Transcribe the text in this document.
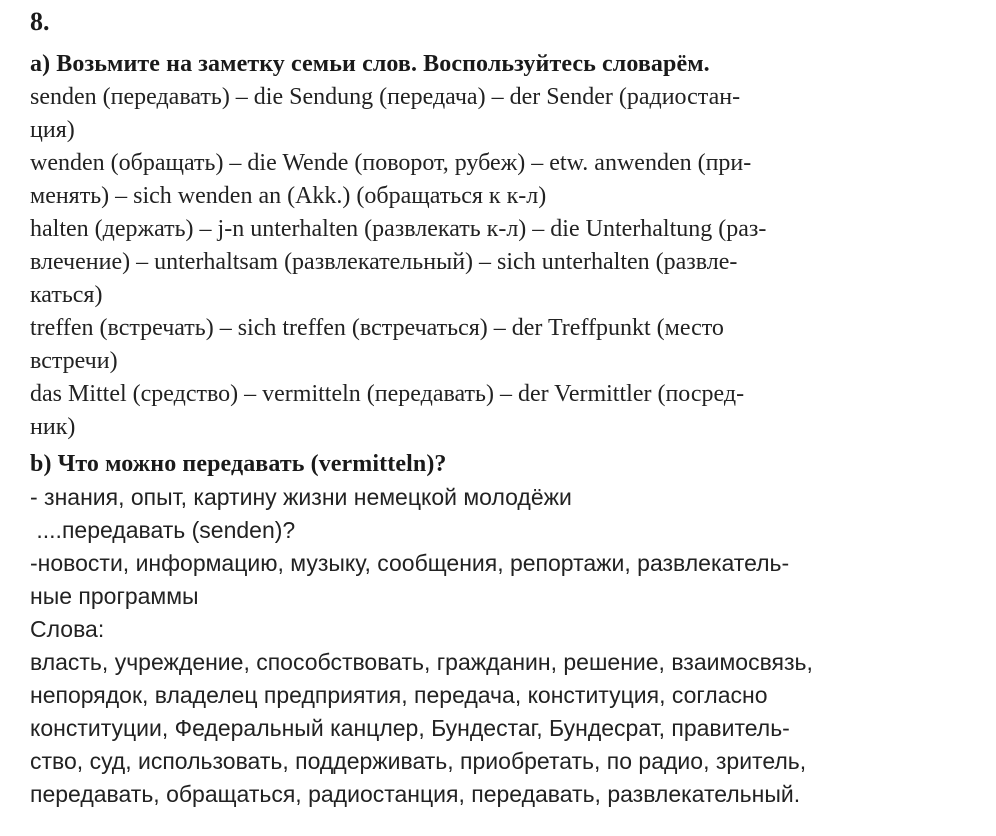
8.
а) Возьмите на заметку семьи слов. Воспользуйтесь словарём.
senden (передавать) – die Sendung (передача) – der Sender (радиостан-
ция)
wenden (обращать) – die Wende (поворот, рубеж) – etw. anwenden (при-
менять) – sich wenden an (Akk.) (обращаться к к-л)
halten (держать) – j-n unterhalten (развлекать к-л) – die Unterhaltung (раз-
влечение) – unterhaltsam (развлекательный) – sich unterhalten (развле-
каться)
treffen (встречать) – sich treffen (встречаться) – der Treffpunkt (место
встречи)
das Mittel (средство) – vermitteln (передавать) – der Vermittler (посред-
ник)
b) Что можно передавать (vermitteln)?
- знания, опыт, картину жизни немецкой молодёжи
....передавать (senden)?
-новости, информацию, музыку, сообщения, репортажи, развлекатель-
ные программы
Слова:
власть, учреждение, способствовать, гражданин, решение, взаимосвязь,
непорядок, владелец предприятия, передача, конституция, согласно
конституции, Федеральный канцлер, Бундестаг, Бундесрат, правитель-
ство, суд, использовать, поддерживать, приобретать, по радио, зритель,
передавать, обращаться, радиостанция, передавать, развлекательный.
